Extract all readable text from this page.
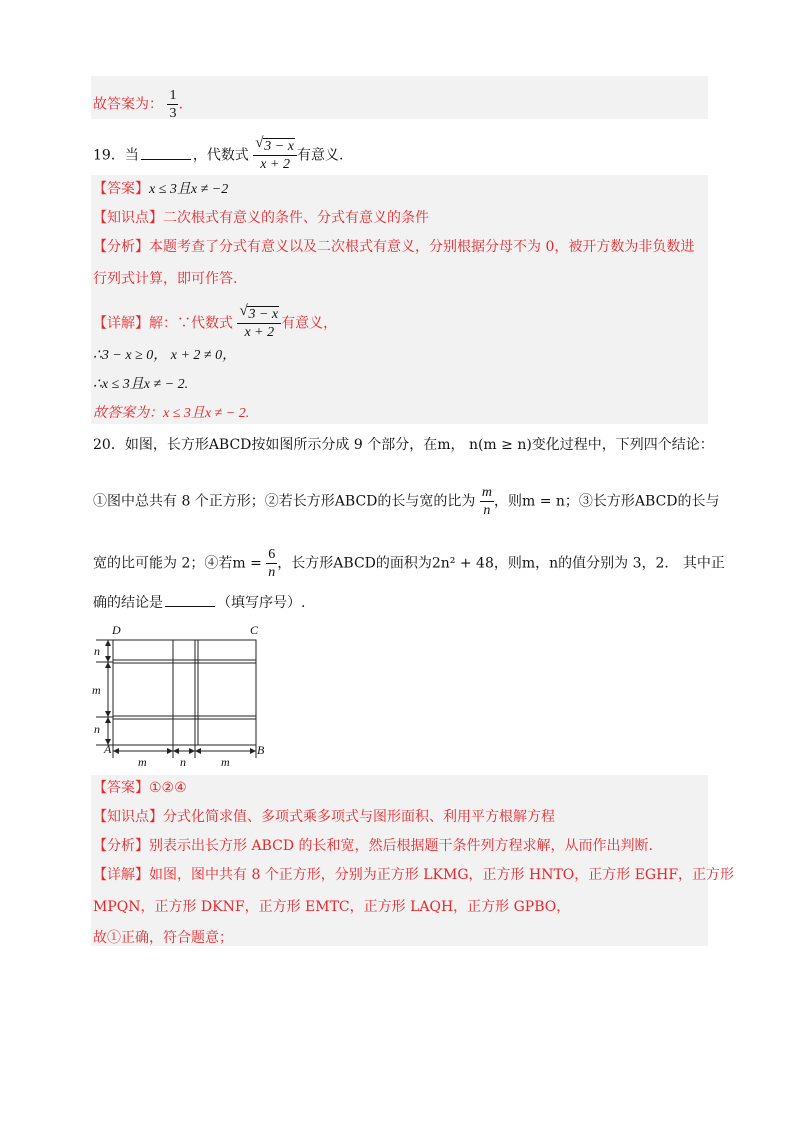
故答案为： $\frac{1}{3}$ .
19．当	，代数式 $\frac{√ 3 - x}{x + 2}$ 有意义.
【答案】x ≤ 3且x ≠ −2
【知识点】二次根式有意义的条件、分式有意义的条件
【分析】本题考查了分式有意义以及二次根式有意义，分别根据分母不为 0，被开方数为非负数进
行列式计算，即可作答.
【详解】解：∵代数式 $\frac{√ 3 - x}{x + 2}$ 有意义，
∴3 − x ≥ 0， x + 2 ≠ 0，
∴x ≤ 3且x ≠ − 2.
故答案为：x ≤ 3且x ≠ − 2.
20．如图，长方形ABCD按如图所示分成 9 个部分，在m， n(m ≥ n)变化过程中，下列四个结论：
①图中总共有 8 个正方形；②若长方形ABCD的长与宽的比为 $\frac{m}{n}$ ，则m = n；③长方形ABCD的长与
宽的比可能为 2；④若$m = \frac{6}{n}$ ，长方形ABCD的面积为2n² + 48，则m，n的值分别为 3，2． 其中正
确的结论是	（填写序号）.
D	C
A	B
n
m
n
m	n	m
【答案】①②④
【知识点】分式化简求值、多项式乘多项式与图形面积、利用平方根解方程
【分析】别表示出长方形 ABCD 的长和宽，然后根据题干条件列方程求解，从而作出判断.
【详解】如图，图中共有 8 个正方形，分别为正方形 LKMG，正方形 HNTO，正方形 EGHF，正方形
MPQN，正方形 DKNF，正方形 EMTC，正方形 LAQH，正方形 GPBO，
故①正确，符合题意；
